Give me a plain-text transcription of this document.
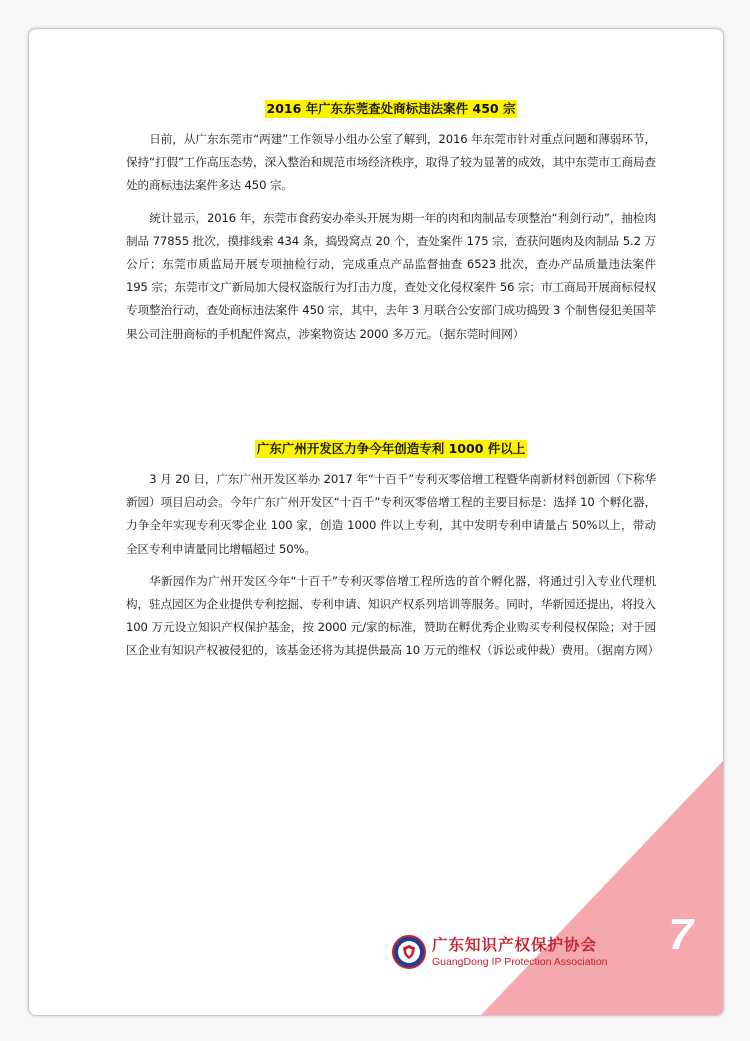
2016 年广东东莞查处商标违法案件 450 宗

日前，从广东东莞市“两建”工作领导小组办公室了解到，2016 年东莞市针对重点问题和薄弱环节，保持“打假”工作高压态势，深入整治和规范市场经济秩序，取得了较为显著的成效，其中东莞市工商局查处的商标违法案件多达 450 宗。

统计显示，2016 年，东莞市食药安办牵头开展为期一年的肉和肉制品专项整治“利剑行动”，抽检肉制品 77855 批次，摸排线索 434 条，捣毁窝点 20 个，查处案件 175 宗，查获问题肉及肉制品 5.2 万公斤；东莞市质监局开展专项抽检行动，完成重点产品监督抽查 6523 批次，查办产品质量违法案件 195 宗；东莞市文广新局加大侵权盗版行为打击力度，查处文化侵权案件 56 宗；市工商局开展商标侵权专项整治行动，查处商标违法案件 450 宗，其中，去年 3 月联合公安部门成功捣毁 3 个制售侵犯美国苹果公司注册商标的手机配件窝点，涉案物资达 2000 多万元。（据东莞时间网）

广东广州开发区力争今年创造专利 1000 件以上

3 月 20 日，广东广州开发区举办 2017 年“十百千”专利灭零倍增工程暨华南新材料创新园（下称华新园）项目启动会。今年广东广州开发区“十百千”专利灭零倍增工程的主要目标是：选择 10 个孵化器，力争全年实现专利灭零企业 100 家，创造 1000 件以上专利，其中发明专利申请量占 50%以上，带动全区专利申请量同比增幅超过 50%。

华新园作为广州开发区今年“十百千”专利灭零倍增工程所选的首个孵化器，将通过引入专业代理机构，驻点园区为企业提供专利挖掘、专利申请、知识产权系列培训等服务。同时，华新园还提出，将投入 100 万元设立知识产权保护基金，按 2000 元/家的标准，赞助在孵优秀企业购买专利侵权保险；对于园区企业有知识产权被侵犯的，该基金还将为其提供最高 10 万元的维权（诉讼或仲裁）费用。（据南方网）

7
广东知识产权保护协会
GuangDong IP Protection Association
